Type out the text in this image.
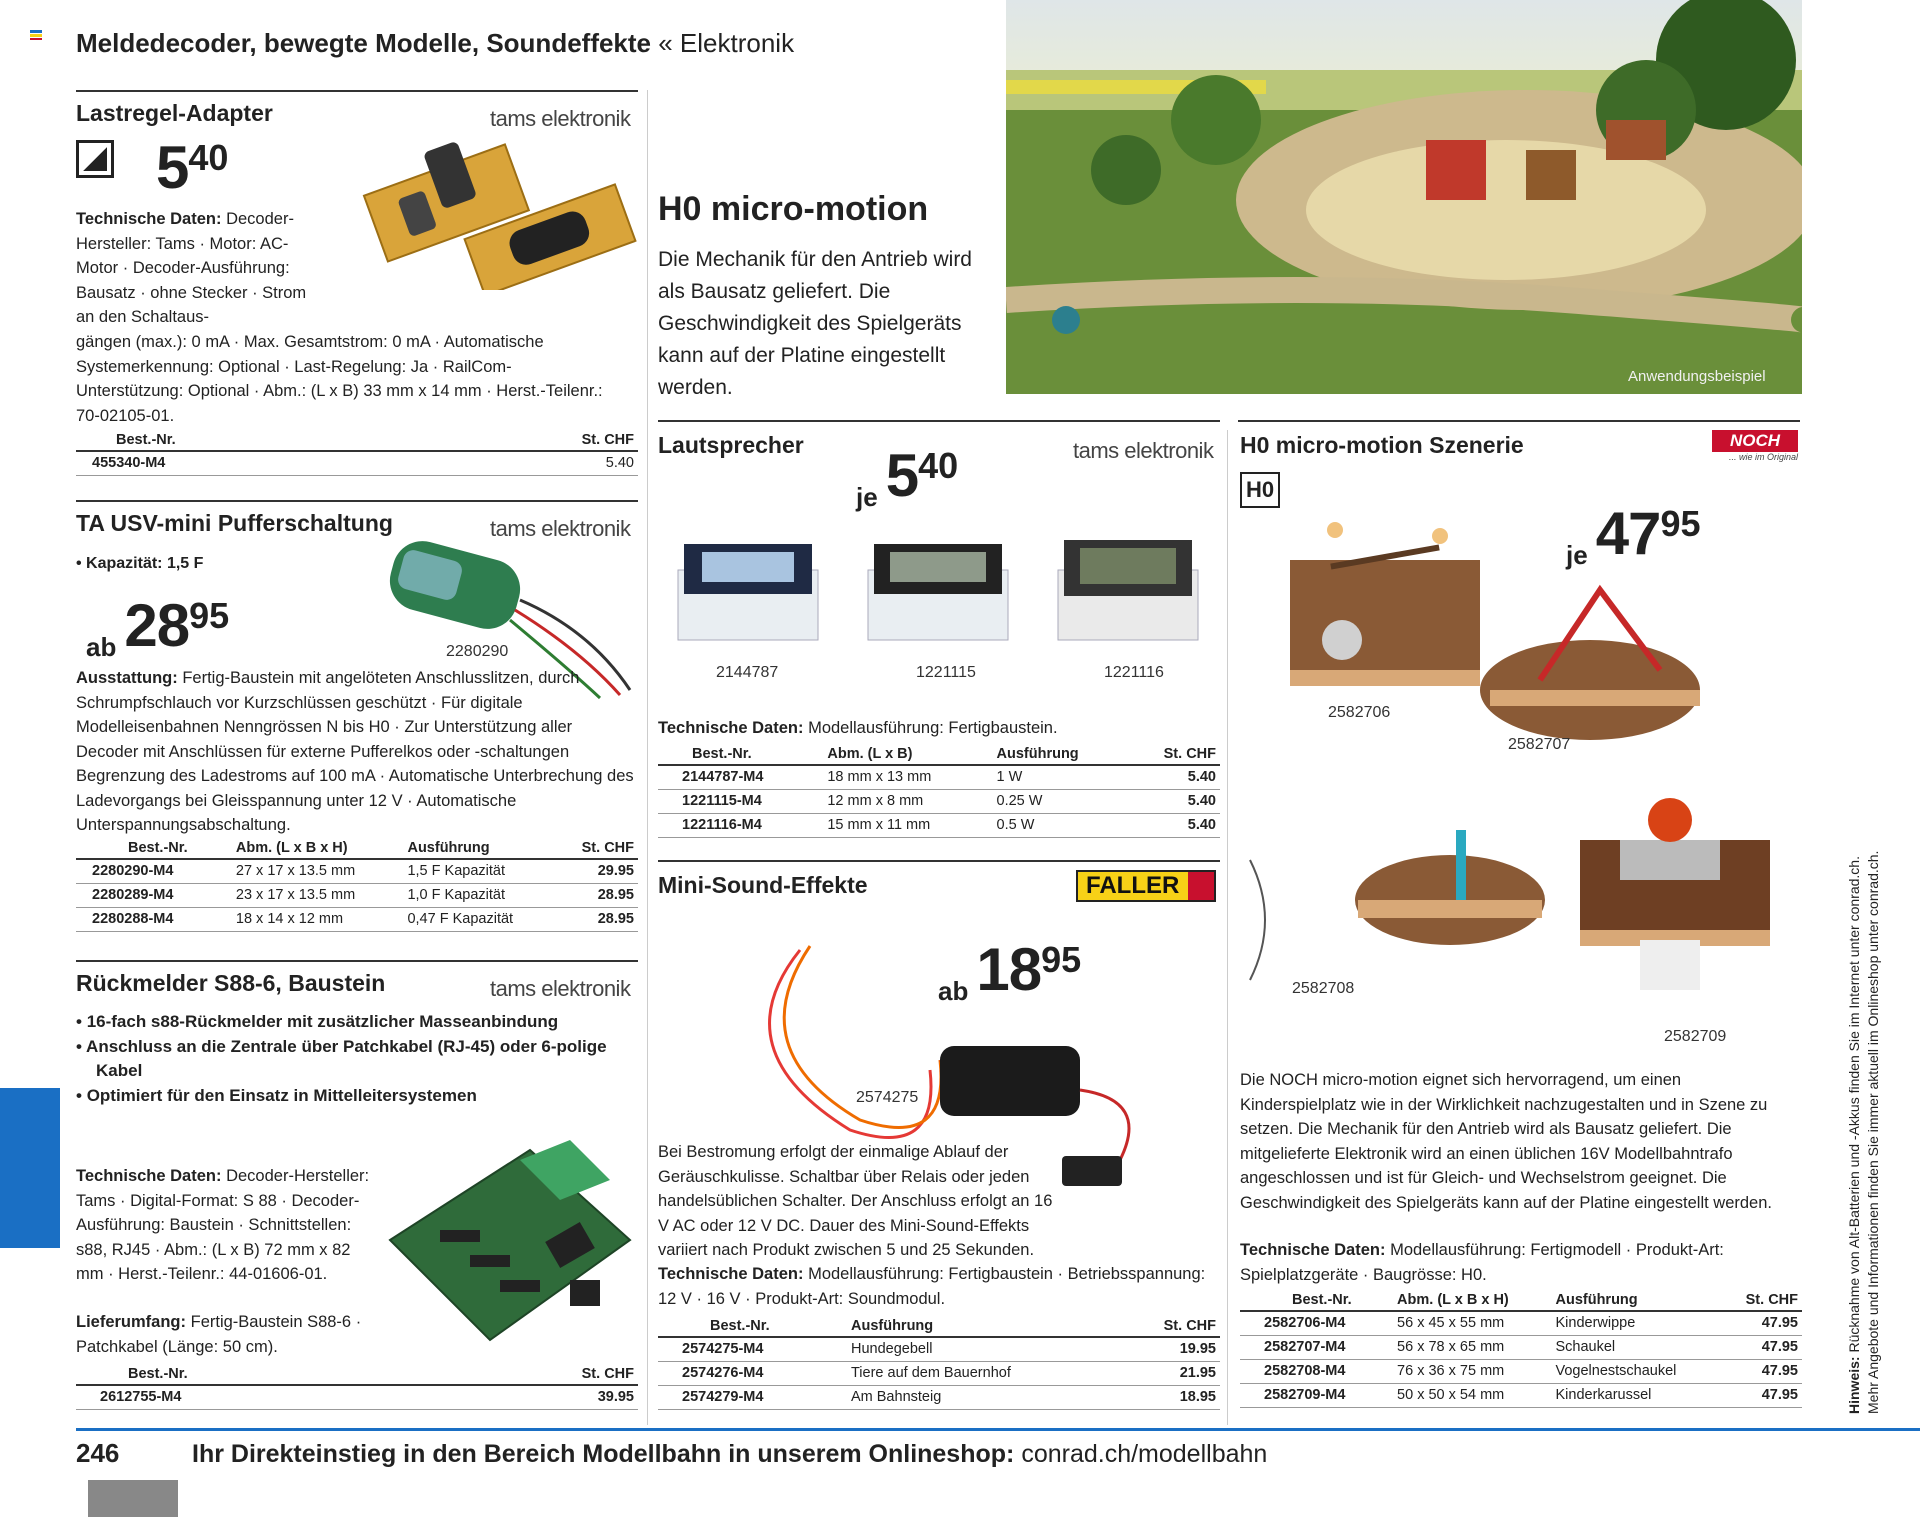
Meldedecoder, bewegte Modelle, Soundeffekte « Elektronik
Lastregel-Adapter	tams elektronik
5 40
Technische Daten: Decoder-Hersteller: Tams · Motor: AC-Motor · Decoder-Ausführung: Bausatz · ohne Stecker · Strom an den Schaltaus-
gängen (max.): 0 mA · Max. Gesamtstrom: 0 mA · Automatische Systemerkennung: Optional · Last-Regelung: Ja · RailCom-Unterstützung: Optional · Abm.: (L x B) 33 mm x 14 mm · Herst.-Teilenr.: 70-02105-01.
Best.-Nr.	St. CHF
455340-M4	5.40
TA USV-mini Pufferschaltung	tams elektronik
• Kapazität: 1,5 F
ab 28 95
2280290
Ausstattung: Fertig-Baustein mit angelöteten Anschlusslitzen, durch Schrumpfschlauch vor Kurzschlüssen geschützt · Für digitale Modelleisenbahnen Nenngrössen N bis H0 · Zur Unterstützung aller Decoder mit Anschlüssen für externe Pufferelkos oder -schaltungen Begrenzung des Ladestroms auf 100 mA · Automatische Unterbrechung des Ladevorgangs bei Gleisspannung unter 12 V · Automatische Unterspannungsabschaltung.
Best.-Nr.	Abm. (L x B x H)	Ausführung	St. CHF
2280290-M4	27 x 17 x 13.5 mm	1,5 F Kapazität	29.95
2280289-M4	23 x 17 x 13.5 mm	1,0 F Kapazität	28.95
2280288-M4	18 x 14 x 12 mm	0,47 F Kapazität	28.95
Rückmelder S88-6, Baustein	tams elektronik
• 16-fach s88-Rückmelder mit zusätzlicher Masseanbindung
• Anschluss an die Zentrale über Patchkabel (RJ-45) oder 6-polige Kabel
• Optimiert für den Einsatz in Mittelleitersystemen
Technische Daten: Decoder-Hersteller: Tams · Digital-Format: S 88 · Decoder-Ausführung: Baustein · Schnittstellen: s88, RJ45 · Abm.: (L x B) 72 mm x 82 mm · Herst.-Teilenr.: 44-01606-01.
Lieferumfang: Fertig-Baustein S88-6 · Patchkabel (Länge: 50 cm).
Best.-Nr.	St. CHF
2612755-M4	39.95
H0 micro-motion
Die Mechanik für den Antrieb wird als Bausatz geliefert. Die Geschwindigkeit des Spielgeräts kann auf der Platine eingestellt werden.	Anwendungsbeispiel
Lautsprecher	tams elektronik
je 5 40
2144787	1221115	1221116
Technische Daten: Modellausführung: Fertigbaustein.
Best.-Nr.	Abm. (L x B)	Ausführung	St. CHF
2144787-M4	18 mm x 13 mm	1 W	5.40
1221115-M4	12 mm x 8 mm	0.25 W	5.40
1221116-M4	15 mm x 11 mm	0.5 W	5.40
Mini-Sound-Effekte	FALLER
ab 18 95
2574275
Bei Bestromung erfolgt der einmalige Ablauf der Geräuschkulisse. Schaltbar über Relais oder jeden handelsüblichen Schalter. Der Anschluss erfolgt an 16 V AC oder 12 V DC. Dauer des Mini-Sound-Effekts variiert nach Produkt zwischen 5 und 25 Sekunden.
Technische Daten: Modellausführung: Fertigbaustein · Betriebsspannung: 12 V · 16 V · Produkt-Art: Soundmodul.
Best.-Nr.	Ausführung	St. CHF
2574275-M4	Hundegebell	19.95
2574276-M4	Tiere auf dem Bauernhof	21.95
2574279-M4	Am Bahnsteig	18.95
H0 micro-motion Szenerie	NOCH
... wie im Original
H0
je 47 95
2582706
2582707
2582708
2582709
Die NOCH micro-motion eignet sich hervorragend, um einen Kinderspielplatz wie in der Wirklichkeit nachzugestalten und in Szene zu setzen. Die Mechanik für den Antrieb wird als Bausatz geliefert. Die mitgelieferte Elektronik wird an einen üblichen 16V Modellbahntrafo angeschlossen und ist für Gleich- und Wechselstrom geeignet. Die Geschwindigkeit des Spielgeräts kann auf der Platine eingestellt werden.
Technische Daten: Modellausführung: Fertigmodell · Produkt-Art: Spielplatzgeräte · Baugrösse: H0.
Best.-Nr.	Abm. (L x B x H)	Ausführung	St. CHF
2582706-M4	56 x 45 x 55 mm	Kinderwippe	47.95
2582707-M4	56 x 78 x 65 mm	Schaukel	47.95
2582708-M4	76 x 36 x 75 mm	Vogelnestschaukel	47.95
2582709-M4	50 x 50 x 54 mm	Kinderkarussel	47.95	Hinweis: Rücknahme von Alt-Batterien und -Akkus finden Sie im Internet unter conrad.ch. Mehr Angebote und Informationen finden Sie immer aktuell im Onlineshop unter conrad.ch.
246	Ihr Direkteinstieg in den Bereich Modellbahn in unserem Onlineshop: conrad.ch/modellbahn
